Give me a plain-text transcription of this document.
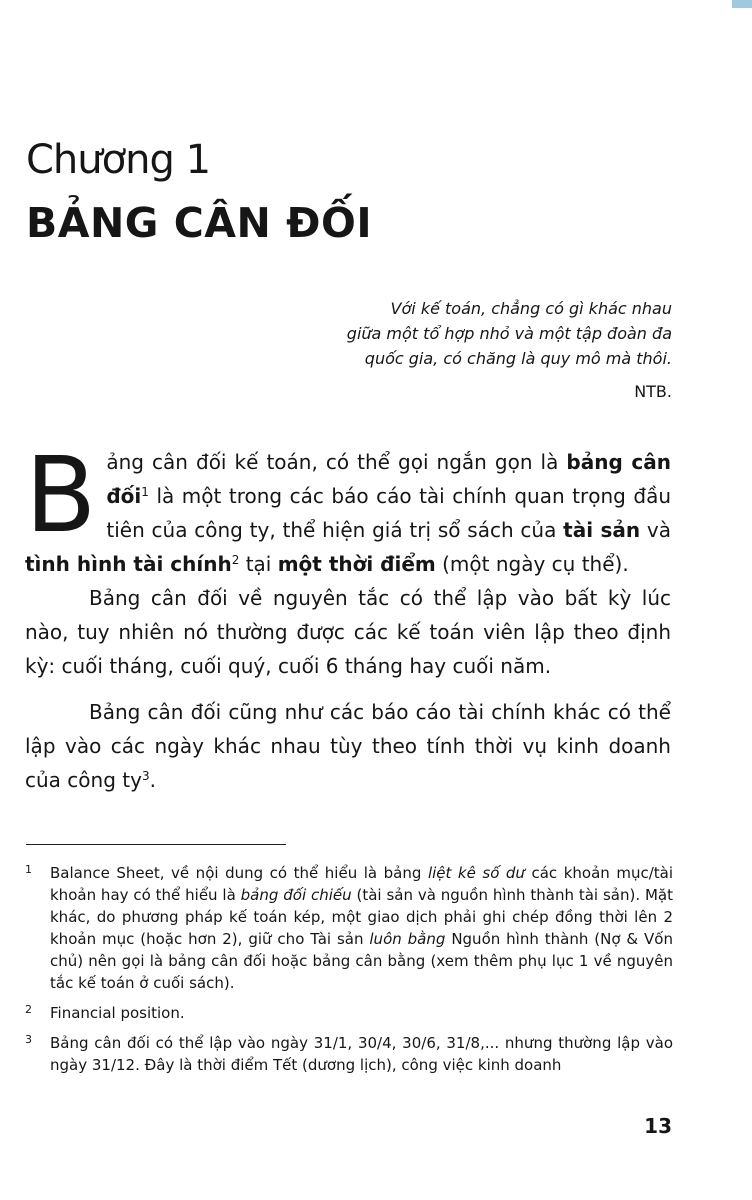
Chương 1
BẢNG CÂN ĐỐI
Với kế toán, chẳng có gì khác nhau
giữa một tổ hợp nhỏ và một tập đoàn đa
quốc gia, có chăng là quy mô mà thôi.
NTB.

Bảng cân đối kế toán, có thể gọi ngắn gọn là bảng cân đối$^1$ là một trong các báo cáo tài chính quan trọng đầu tiên của công ty, thể hiện giá trị sổ sách của tài sản và tình hình tài chính$^2$ tại một thời điểm (một ngày cụ thể).

Bảng cân đối về nguyên tắc có thể lập vào bất kỳ lúc nào, tuy nhiên nó thường được các kế toán viên lập theo định kỳ: cuối tháng, cuối quý, cuối 6 tháng hay cuối năm.

Bảng cân đối cũng như các báo cáo tài chính khác có thể lập vào các ngày khác nhau tùy theo tính thời vụ kinh doanh của công $ty^3$.

1	Balance Sheet, về nội dung có thể hiểu là bảng liệt kê số dư các khoản mục/tài khoản hay có thể hiểu là bảng đối chiếu (tài sản và nguồn hình thành tài sản). Mặt khác, do phương pháp kế toán kép, một giao dịch phải ghi chép đồng thời lên 2 khoản mục (hoặc hơn 2), giữ cho Tài sản luôn bằng Nguồn hình thành (Nợ & Vốn chủ) nên gọi là bảng cân đối hoặc bảng cân bằng (xem thêm phụ lục 1 về nguyên tắc kế toán ở cuối sách).
2	Financial position.
3	Bảng cân đối có thể lập vào ngày 31/1, 30/4, 30/6, 31/8,... nhưng thường lập vào ngày 31/12. Đây là thời điểm Tết (dương lịch), công việc kinh doanh
13
